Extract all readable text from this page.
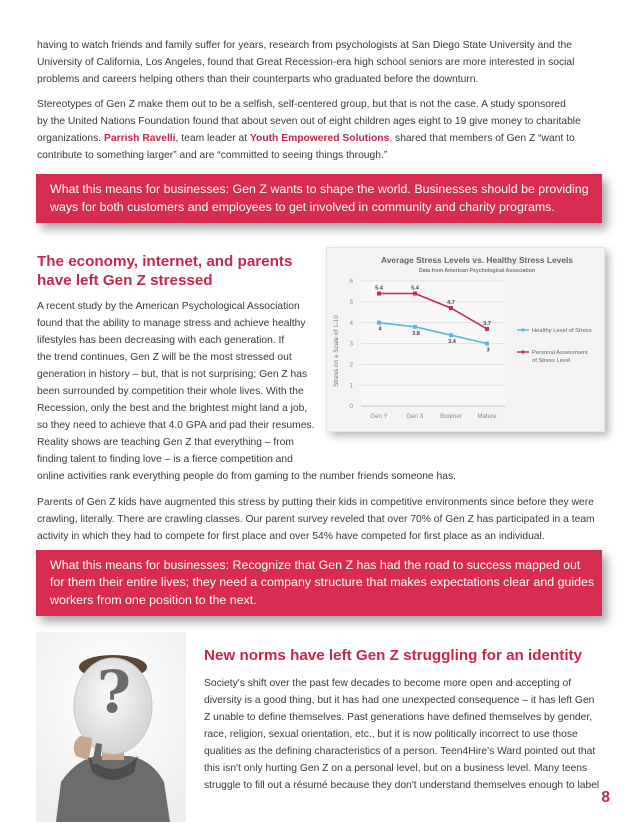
having to watch friends and family suffer for years, research from psychologists at San Diego State University and the

University of California, Los Angeles, found that Great Recession-era high school seniors are more interested in social

problems and careers helping others than their counterparts who graduated before the downturn.

Stereotypes of Gen Z make them out to be a selfish, self-centered group, but that is not the case. A study sponsored

by the United Nations Foundation found that about seven out of eight children ages eight to 19 give money to charitable

organizations. Parrish Ravelli, team leader at Youth Empowered Solutions, shared that members of Gen Z “want to

contribute to something larger” and are “committed to seeing things through.”

What this means for businesses: Gen Z wants to shape the world. Businesses should be providing
ways for both customers and employees to get involved in community and charity programs.
The economy, internet, and parents
have left Gen Z stressed

A recent study by the American Psychological Association

found that the ability to manage stress and achieve healthy

lifestyles has been decreasing with each generation. If

the trend continues, Gen Z will be the most stressed out

generation in history – but, that is not surprising; Gen Z has

been surrounded by competition their whole lives. With the

Recession, only the best and the brightest might land a job,

so they need to achieve that 4.0 GPA and pad their resumes.

Reality shows are teaching Gen Z that everything – from

finding talent to finding love – is a fierce competition and

online activities rank everything people do from gaming to the number friends someone has.

Average Stress Levels vs. Healthy Stress Levels
Data from American Psychological Association
Stress on a Scale of 1-10
0
1
2
3
4
5
6
Gen Y	Gen X	Boomer	Mature
4
3.8
3.4
3
5.4	5.4
4.7
3.7
Healthy Level of Stress
Personal Assessment of Stress Level

Parents of Gen Z kids have augmented this stress by putting their kids in competitive environments since before they were

crawling, literally. There are crawling classes. Our parent survey reveled that over 70% of Gen Z has participated in a team

activity in which they had to compete for first place and over 54% have competed for first place as an individual.

What this means for businesses: Recognize that Gen Z has had the road to success mapped out
for them their entire lives; they need a company structure that makes expectations clear and guides
workers from one position to the next.
?
New norms have left Gen Z struggling for an identity

Society's shift over the past few decades to become more open and accepting of

diversity is a good thing, but it has had one unexpected consequence – it has left Gen

Z unable to define themselves. Past generations have defined themselves by gender,

race, religion, sexual orientation, etc., but it is now politically incorrect to use those

qualities as the defining characteristics of a person. Teen4Hire's Ward pointed out that

this isn't only hurting Gen Z on a personal level, but on a business level. Many teens

struggle to fill out a résumé because they don't understand themselves enough to label

8
